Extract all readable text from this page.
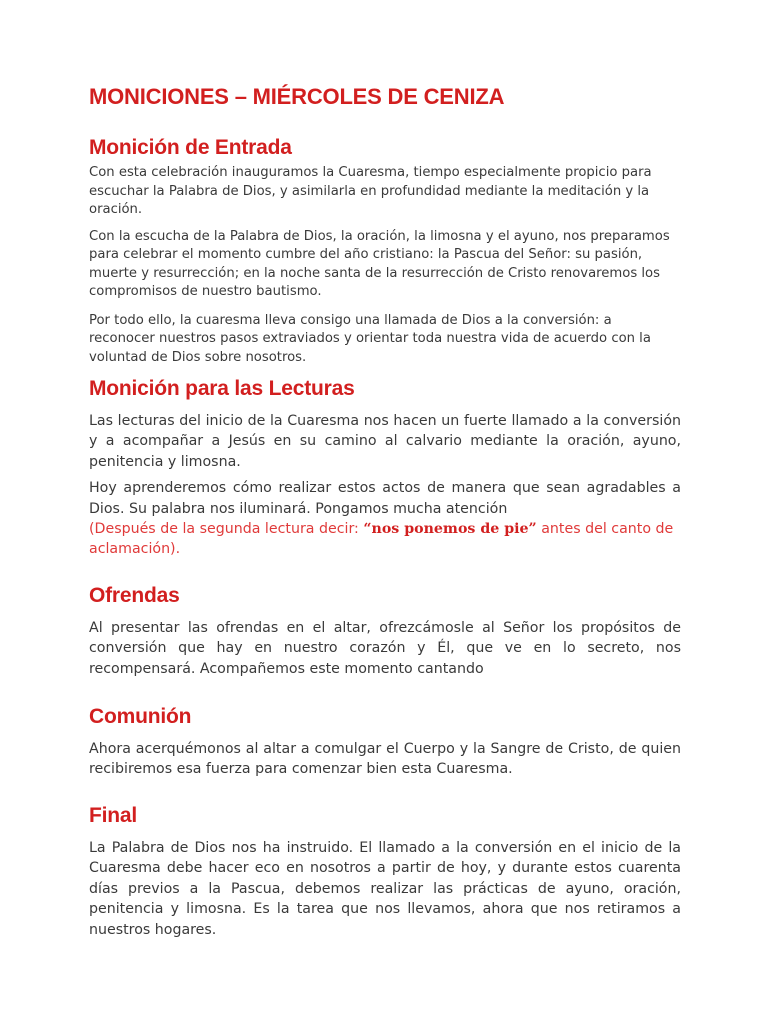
MONICIONES – MIÉRCOLES DE CENIZA
Monición de Entrada

Con esta celebración inauguramos la Cuaresma, tiempo especialmente propicio para escuchar la Palabra de Dios, y asimilarla en profundidad mediante la meditación y la oración.

Con la escucha de la Palabra de Dios, la oración, la limosna y el ayuno, nos preparamos para celebrar el momento cumbre del año cristiano: la Pascua del Señor: su pasión, muerte y resurrección; en la noche santa de la resurrección de Cristo renovaremos los compromisos de nuestro bautismo.

Por todo ello, la cuaresma lleva consigo una llamada de Dios a la conversión: a reconocer nuestros pasos extraviados y orientar toda nuestra vida de acuerdo con la voluntad de Dios sobre nosotros.

Monición para las Lecturas

Las lecturas del inicio de la Cuaresma nos hacen un fuerte llamado a la conversión y a acompañar a Jesús en su camino al calvario mediante la oración, ayuno, penitencia y limosna.

Hoy aprenderemos cómo realizar estos actos de manera que sean agradables a Dios. Su palabra nos iluminará. Pongamos mucha atención

(Después de la segunda lectura decir: “nos ponemos de pie” antes del canto de aclamación).

Ofrendas

Al presentar las ofrendas en el altar, ofrezcámosle al Señor los propósitos de conversión que hay en nuestro corazón y Él, que ve en lo secreto, nos recompensará. Acompañemos este momento cantando

Comunión

Ahora acerquémonos al altar a comulgar el Cuerpo y la Sangre de Cristo, de quien recibiremos esa fuerza para comenzar bien esta Cuaresma.

Final

La Palabra de Dios nos ha instruido. El llamado a la conversión en el inicio de la Cuaresma debe hacer eco en nosotros a partir de hoy, y durante estos cuarenta días previos a la Pascua, debemos realizar las prácticas de ayuno, oración, penitencia y limosna. Es la tarea que nos llevamos, ahora que nos retiramos a nuestros hogares.
